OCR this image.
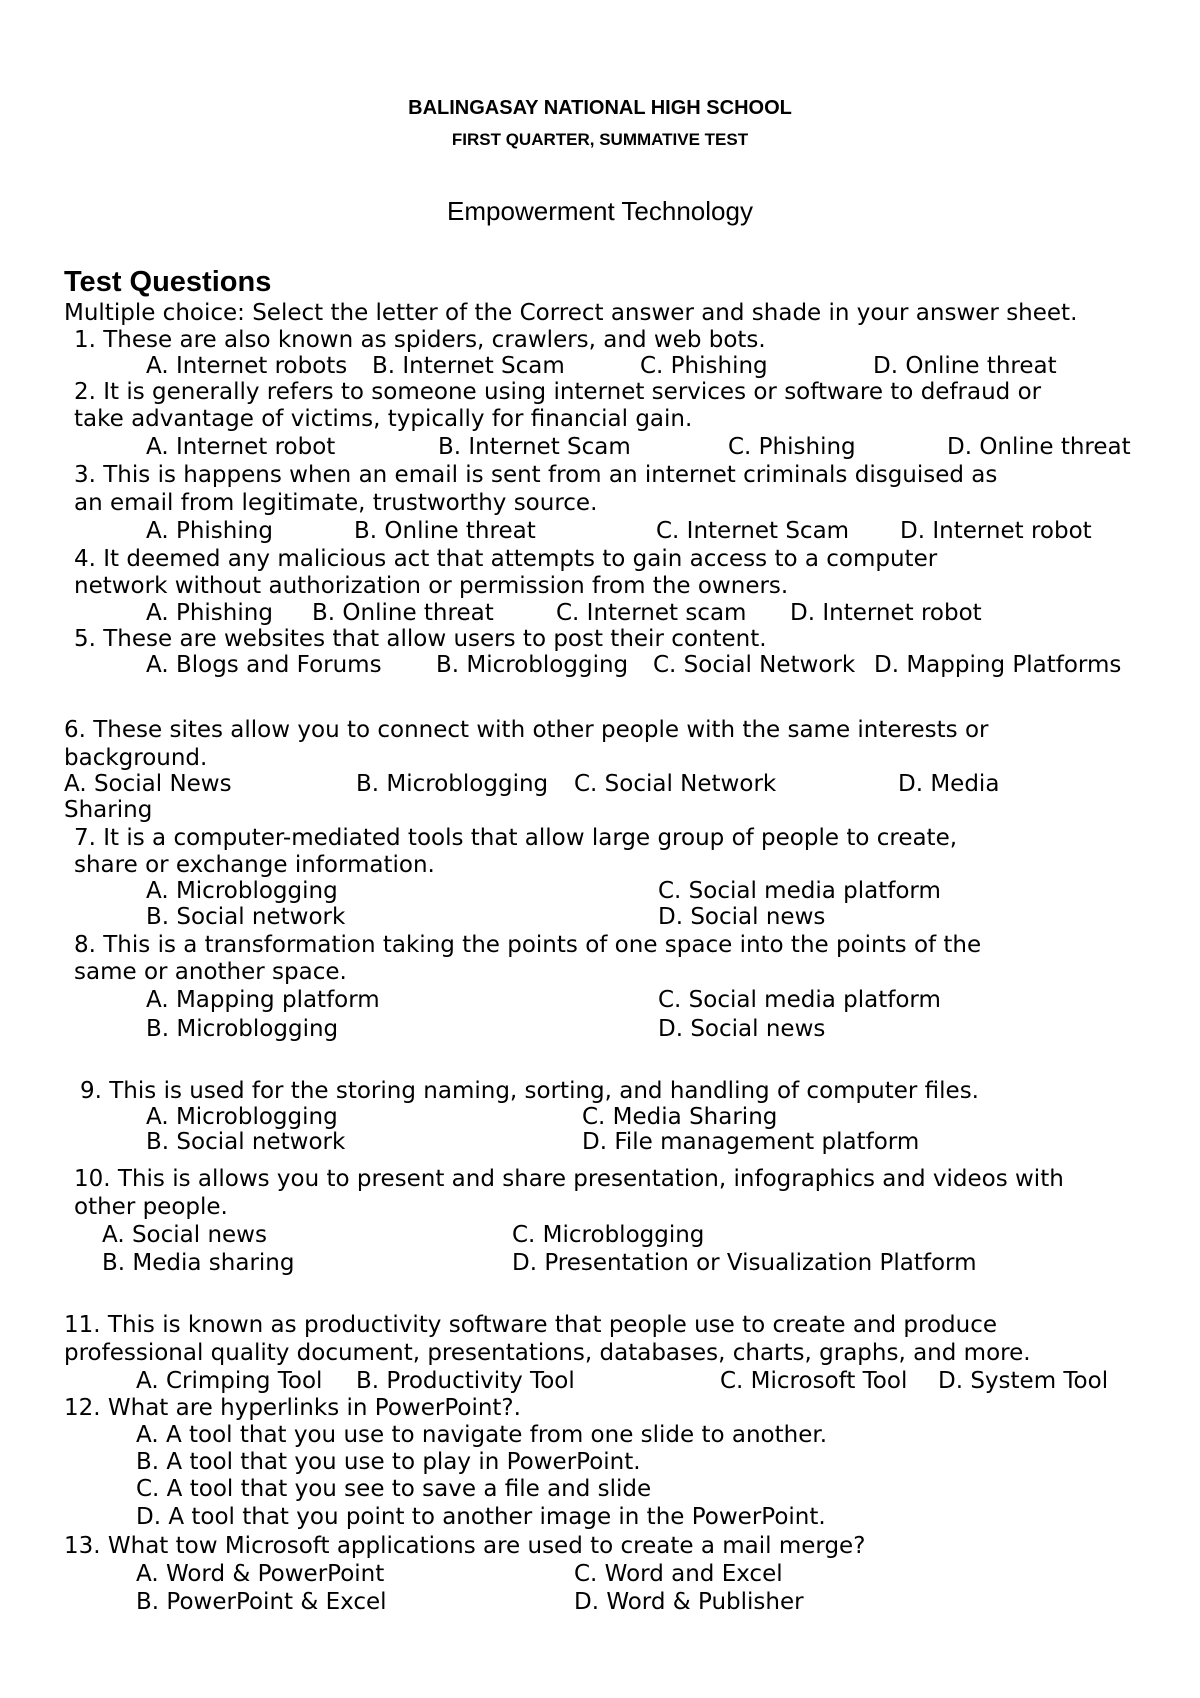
BALINGASAY NATIONAL HIGH SCHOOL
FIRST QUARTER, SUMMATIVE TEST
Empowerment Technology
Test Questions
Multiple choice: Select the letter of the Correct answer and shade in your answer sheet.
1. These are also known as spiders, crawlers, and web bots.
A. Internet robots B. Internet Scam	C. Phishing	D. Online threat
2. It is generally refers to someone using internet services or software to defraud or
take advantage of victims, typically for financial gain.
A. Internet robot	B. Internet Scam	C. Phishing	D. Online threat
3. This is happens when an email is sent from an internet criminals disguised as
an email from legitimate, trustworthy source.
A. Phishing	B. Online threat	C. Internet Scam D. Internet robot
4. It deemed any malicious act that attempts to gain access to a computer
network without authorization or permission from the owners.
A. Phishing B. Online threat	C. Internet scam D. Internet robot
5. These are websites that allow users to post their content.
A. Blogs and Forums B. Microblogging C. Social Network D. Mapping Platforms
6. These sites allow you to connect with other people with the same interests or
background.
A. Social News	B. Microblogging C. Social Network	D. Media
Sharing
7. It is a computer-mediated tools that allow large group of people to create,
share or exchange information.
A. Microblogging	C. Social media platform
B. Social network	D. Social news
8. This is a transformation taking the points of one space into the points of the
same or another space.
A. Mapping platform	C. Social media platform
B. Microblogging	D. Social news
9. This is used for the storing naming, sorting, and handling of computer files.
A. Microblogging	C. Media Sharing
B. Social network	D. File management platform
10. This is allows you to present and share presentation, infographics and videos with
other people.
A. Social news	C. Microblogging
B. Media sharing	D. Presentation or Visualization Platform
11. This is known as productivity software that people use to create and produce
professional quality document, presentations, databases, charts, graphs, and more.
A. Crimping Tool B. Productivity Tool	C. Microsoft Tool D. System Tool
12. What are hyperlinks in PowerPoint?.
A. A tool that you use to navigate from one slide to another.
B. A tool that you use to play in PowerPoint.
C. A tool that you see to save a file and slide
D. A tool that you point to another image in the PowerPoint.
13. What tow Microsoft applications are used to create a mail merge?
A. Word & PowerPoint	C. Word and Excel
B. PowerPoint & Excel	D. Word & Publisher
